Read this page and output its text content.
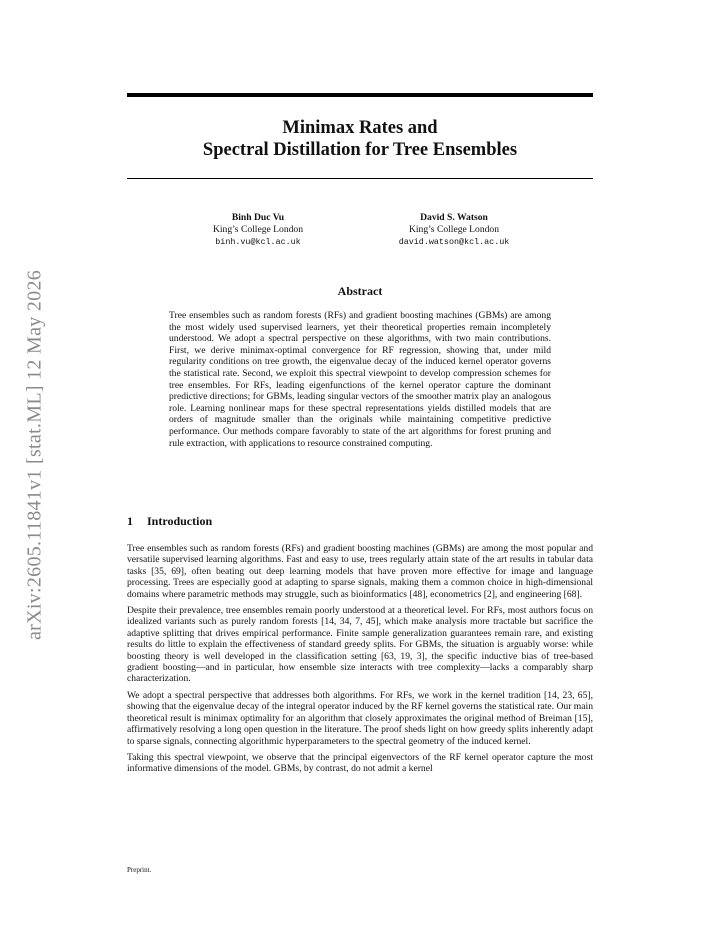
arXiv:2605.11841v1 [stat.ML] 12 May 2026
Minimax Rates and
Spectral Distillation for Tree Ensembles
Binh Duc Vu
King’s College London
binh.vu@kcl.ac.uk
David S. Watson
King’s College London
david.watson@kcl.ac.uk
Abstract

Tree ensembles such as random forests (RFs) and gradient boosting machines (GBMs) are among the most widely used supervised learners, yet their theoretical properties remain incompletely understood. We adopt a spectral perspective on these algorithms, with two main contributions. First, we derive minimax-optimal convergence for RF regression, showing that, under mild regularity conditions on tree growth, the eigenvalue decay of the induced kernel operator governs the statistical rate. Second, we exploit this spectral viewpoint to develop compression schemes for tree ensembles. For RFs, leading eigenfunctions of the kernel operator capture the dominant predictive directions; for GBMs, leading singular vectors of the smoother matrix play an analogous role. Learning nonlinear maps for these spectral representations yields distilled models that are orders of magnitude smaller than the originals while maintaining competitive predictive performance. Our methods compare favorably to state of the art algorithms for forest pruning and rule extraction, with applications to resource constrained computing.

1 Introduction

Tree ensembles such as random forests (RFs) and gradient boosting machines (GBMs) are among the most popular and versatile supervised learning algorithms. Fast and easy to use, trees regularly attain state of the art results in tabular data tasks [35, 69], often beating out deep learning models that have proven more effective for image and language processing. Trees are especially good at adapting to sparse signals, making them a common choice in high-dimensional domains where parametric methods may struggle, such as bioinformatics [48], econometrics [2], and engineering [68].

Despite their prevalence, tree ensembles remain poorly understood at a theoretical level. For RFs, most authors focus on idealized variants such as purely random forests [14, 34, 7, 45], which make analysis more tractable but sacrifice the adaptive splitting that drives empirical performance. Finite sample generalization guarantees remain rare, and existing results do little to explain the effectiveness of standard greedy splits. For GBMs, the situation is arguably worse: while boosting theory is well developed in the classification setting [63, 19, 3], the specific inductive bias of tree-based gradient boosting—and in particular, how ensemble size interacts with tree complexity—lacks a comparably sharp characterization.

We adopt a spectral perspective that addresses both algorithms. For RFs, we work in the kernel tradition [14, 23, 65], showing that the eigenvalue decay of the integral operator induced by the RF kernel governs the statistical rate. Our main theoretical result is minimax optimality for an algorithm that closely approximates the original method of Breiman [15], affirmatively resolving a long open question in the literature. The proof sheds light on how greedy splits inherently adapt to sparse signals, connecting algorithmic hyperparameters to the spectral geometry of the induced kernel.

Taking this spectral viewpoint, we observe that the principal eigenvectors of the RF kernel operator capture the most informative dimensions of the model. GBMs, by contrast, do not admit a kernel

Preprint.
